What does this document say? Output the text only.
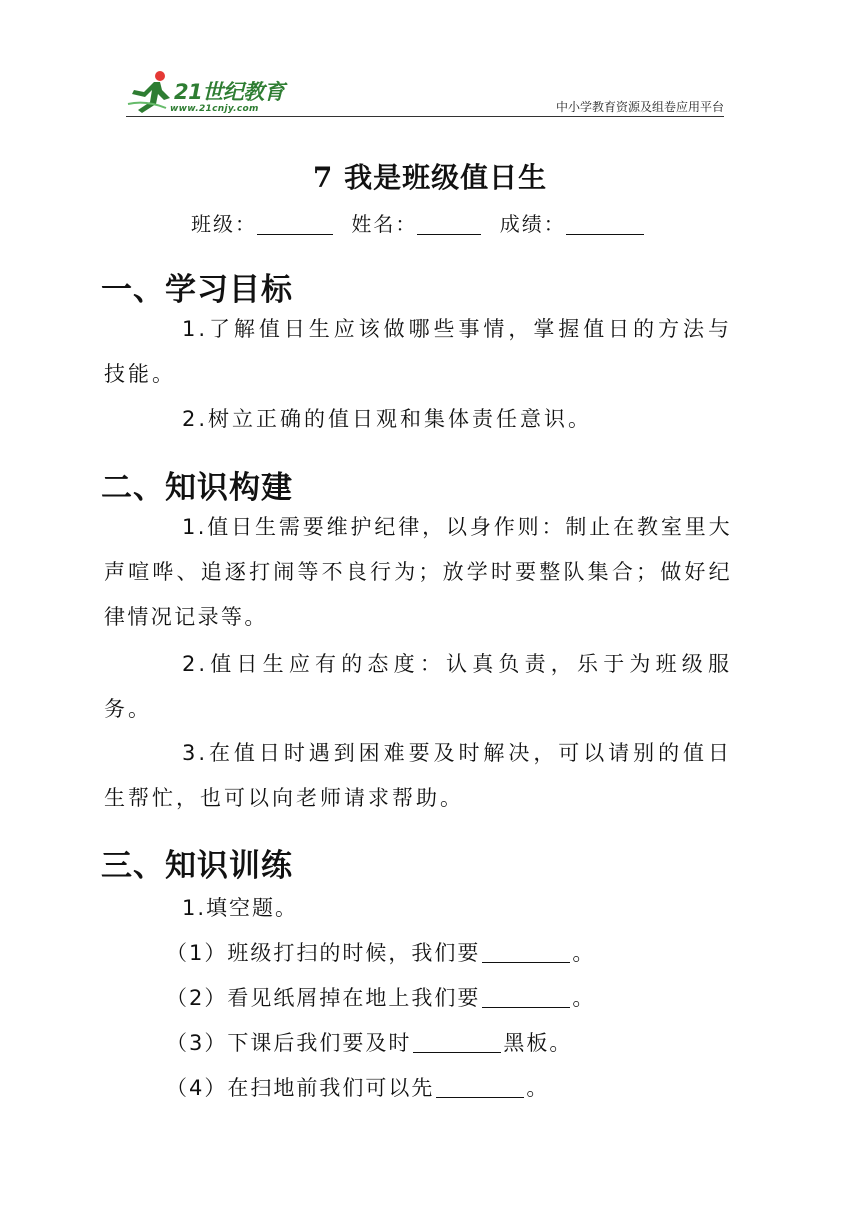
21世纪教育
www.21cnjy.com	中小学教育资源及组卷应用平台
7 我是班级值日生
班级：	姓名：	成绩：
一、学习目标
1.了解值日生应该做哪些事情，掌握值日的方法与技能。
2.树立正确的值日观和集体责任意识。
二、知识构建
1.值日生需要维护纪律，以身作则：制止在教室里大声喧哗、追逐打闹等不良行为；放学时要整队集合；做好纪律情况记录等。
2.值日生应有的态度：认真负责，乐于为班级服务。
3.在值日时遇到困难要及时解决，可以请别的值日生帮忙，也可以向老师请求帮助。
三、知识训练
1.填空题。
（1）班级打扫的时候，我们要	。
（2）看见纸屑掉在地上我们要	。
（3）下课后我们要及时	黑板。
（4）在扫地前我们可以先	。
